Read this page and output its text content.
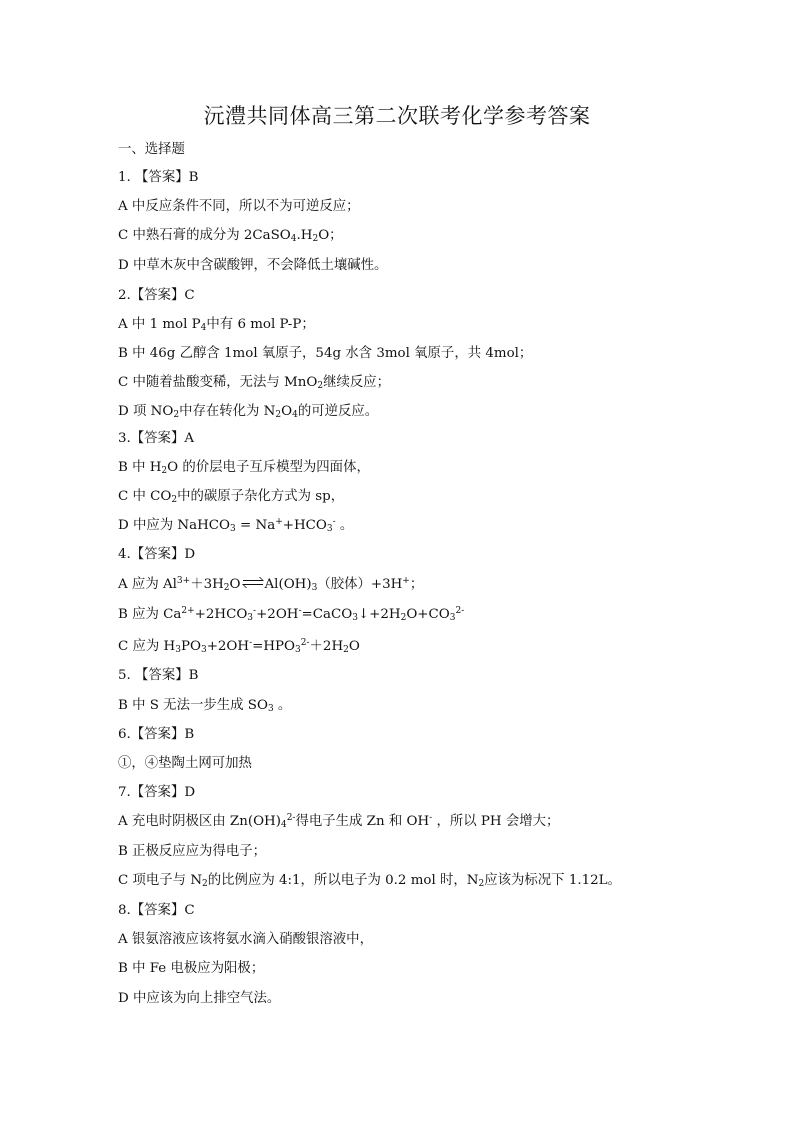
沅澧共同体高三第二次联考化学参考答案
一、选择题
1. 【答案】B
A 中反应条件不同，所以不为可逆反应；
C 中熟石膏的成分为 $2CaSO_4.H_2O$；
D 中草木灰中含碳酸钾，不会降低土壤碱性。
2.【答案】C
A 中 1 mol $P_4$中有 6 mol P-P；
B 中 46g 乙醇含 1mol 氧原子，54g 水含 3mol 氧原子，共 4mol；
C 中随着盐酸变稀，无法与 MnO$_2$继续反应；
D 项 $NO_2$中存在转化为 $N_2O_4$的可逆反应。
3.【答案】A
B 中 $H_2O$ 的价层电子互斥模型为四面体，
C 中 $CO_2$中的碳原子杂化方式为 sp，
D 中应为 NaHCO$_3$ = $Na^++HCO_3^-$ 。
4.【答案】D
A 应为 $Al^{3+}+3H_2O$ $Al(OH)_3$（胶体）+3H+；
B 应为 $Ca^{2+}+2HCO_3^-+2OH^-=CaCO_3↓+2H_2O+CO_3^{2-}$
C 应为 $H_3PO_3+2OH^-=HPO_3^{2-}+2H_2O$
5. 【答案】B
B 中 S 无法一步生成 $SO_3$ 。
6.【答案】B
①，④垫陶土网可加热
7.【答案】D
A 充电时阴极区由 $Zn(OH)_4^{2-}$得电子生成 Zn 和 OH- ，所以 PH 会增大；
B 正极反应应为得电子；
C 项电子与 $N_2$的比例应为 4:1，所以电子为 0.2 mol 时，$N_2$应该为标况下 1.12L。
8.【答案】C
A 银氨溶液应该将氨水滴入硝酸银溶液中，
B 中 Fe 电极应为阳极；
D 中应该为向上排空气法。
